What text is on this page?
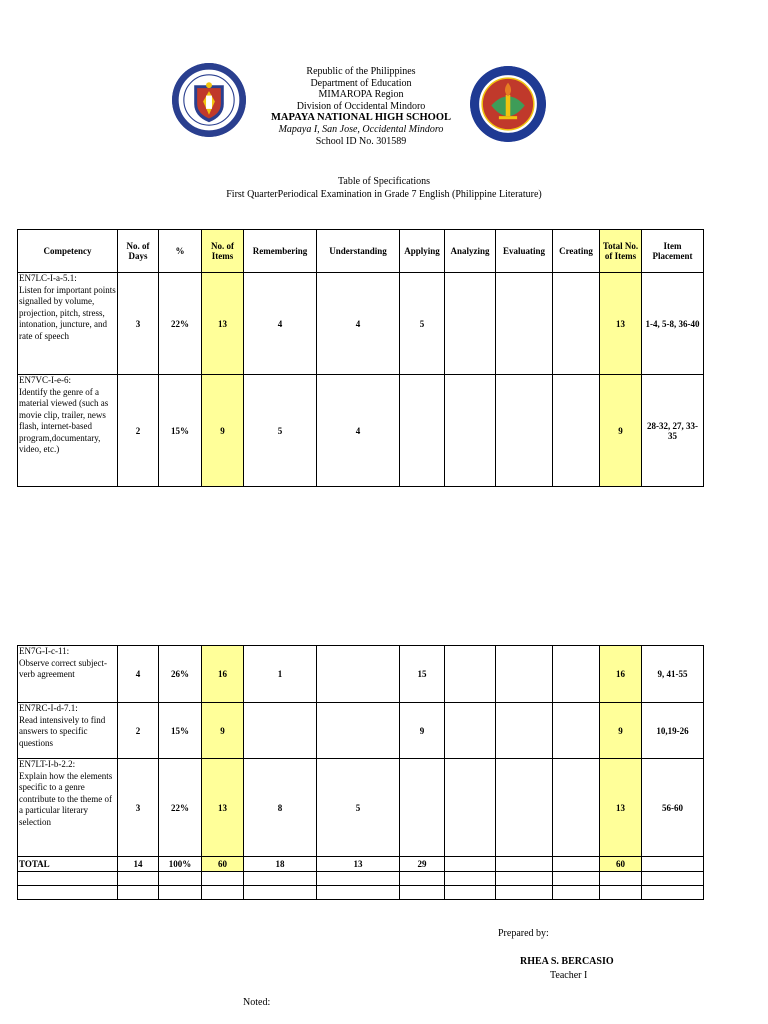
Republic of the Philippines
Department of Education
MIMAROPA Region
Division of Occidental Mindoro
MAPAYA NATIONAL HIGH SCHOOL
Mapaya I, San Jose, Occidental Mindoro
School ID No. 301589
Table of Specifications
First QuarterPeriodical Examination in Grade 7 English (Philippine Literature)
Competency	No. of Days	%	No. of Items	Remembering	Understanding	Applying	Analyzing	Evaluating	Creating	Total No. of Items	Item Placement
EN7LC-I-a-5.1:
Listen for important points signalled by volume, projection, pitch, stress, intonation, juncture, and rate of speech	3	22%	13	4	4	5				13	1-4, 5-8, 36-40
EN7VC-I-e-6:
Identify the genre of a material viewed (such as movie clip, trailer, news flash, internet-based program,documentary, video, etc.)	2	15%	9	5	4					9	28-32, 27, 33-35
EN7G-I-c-11:
Observe correct subject-verb agreement	4	26%	16	1		15				16	9, 41-55
EN7RC-I-d-7.1:
Read intensively to find answers to specific questions	2	15%	9			9				9	10,19-26
EN7LT-I-b-2.2:
Explain how the elements specific to a genre contribute to the theme of a particular literary selection	3	22%	13	8	5					13	56-60
TOTAL	14	100%	60	18	13	29				60	

Prepared by:
RHEA S. BERCASIO
Teacher I
Noted:
